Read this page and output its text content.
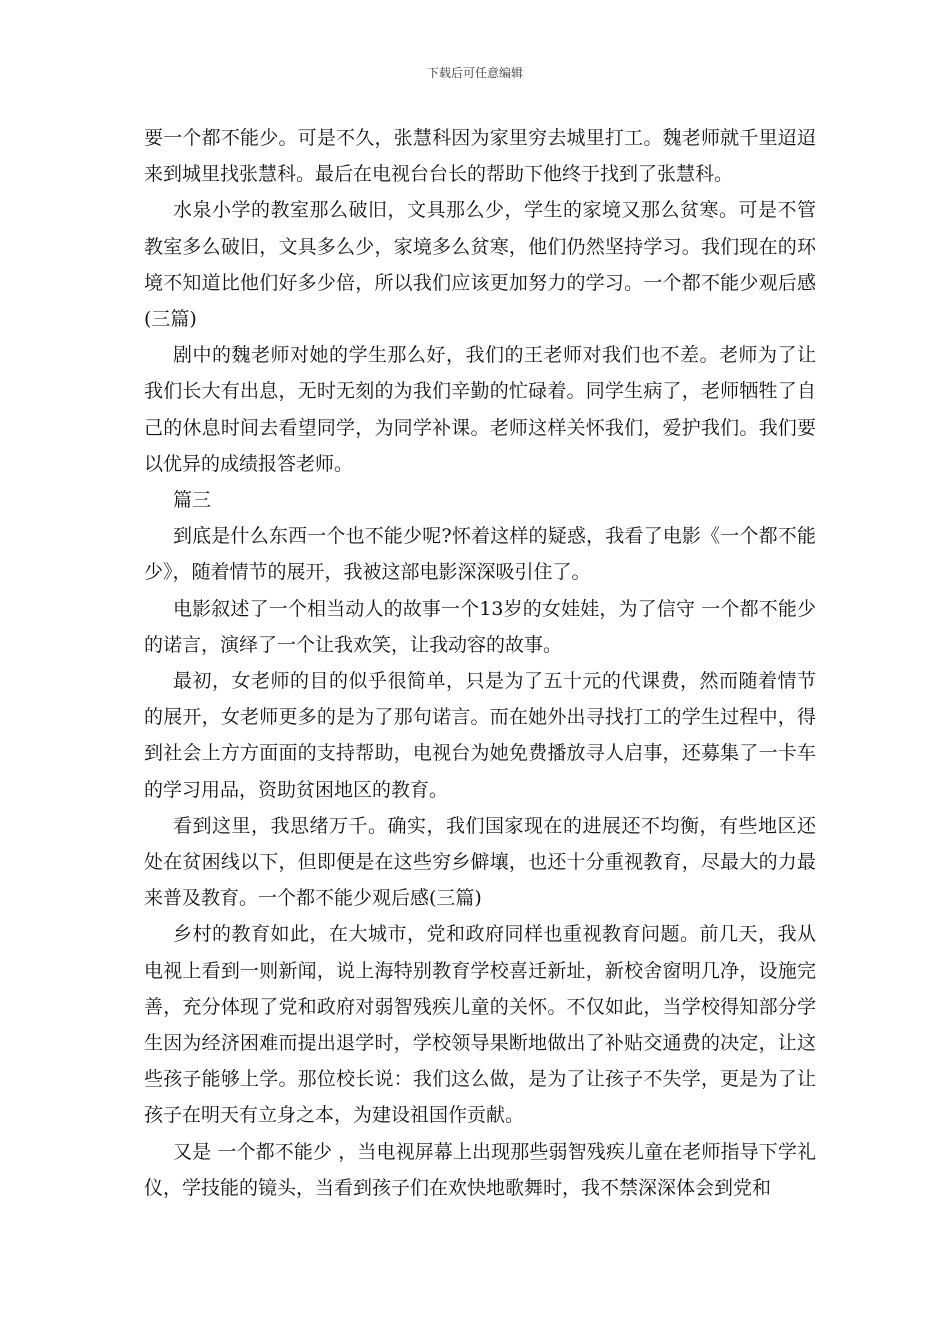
下载后可任意编辑

要一个都不能少。可是不久，张慧科因为家里穷去城里打工。魏老师就千里迢迢来到城里找张慧科。最后在电视台台长的帮助下他终于找到了张慧科。

水泉小学的教室那么破旧，文具那么少，学生的家境又那么贫寒。可是不管教室多么破旧，文具多么少，家境多么贫寒，他们仍然坚持学习。我们现在的环境不知道比他们好多少倍，所以我们应该更加努力的学习。一个都不能少观后感(三篇)

剧中的魏老师对她的学生那么好，我们的王老师对我们也不差。老师为了让我们长大有出息，无时无刻的为我们辛勤的忙碌着。同学生病了，老师牺牲了自己的休息时间去看望同学，为同学补课。老师这样关怀我们，爱护我们。我们要以优异的成绩报答老师。

篇三

到底是什么东西一个也不能少呢?怀着这样的疑惑，我看了电影《一个都不能少》，随着情节的展开，我被这部电影深深吸引住了。

电影叙述了一个相当动人的故事一个13岁的女娃娃，为了信守 一个都不能少 的诺言，演绎了一个让我欢笑，让我动容的故事。

最初，女老师的目的似乎很简单，只是为了五十元的代课费，然而随着情节的展开，女老师更多的是为了那句诺言。而在她外出寻找打工的学生过程中，得到社会上方方面面的支持帮助，电视台为她免费播放寻人启事，还募集了一卡车的学习用品，资助贫困地区的教育。

看到这里，我思绪万千。确实，我们国家现在的进展还不均衡，有些地区还处在贫困线以下，但即便是在这些穷乡僻壤，也还十分重视教育，尽最大的力最来普及教育。一个都不能少观后感(三篇)

乡村的教育如此，在大城市，党和政府同样也重视教育问题。前几天，我从电视上看到一则新闻，说上海特别教育学校喜迁新址，新校舍窗明几净，设施完善，充分体现了党和政府对弱智残疾儿童的关怀。不仅如此，当学校得知部分学生因为经济困难而提出退学时，学校领导果断地做出了补贴交通费的决定，让这些孩子能够上学。那位校长说：我们这么做，是为了让孩子不失学，更是为了让孩子在明天有立身之本，为建设祖国作贡献。

又是 一个都不能少 ，当电视屏幕上出现那些弱智残疾儿童在老师指导下学礼仪，学技能的镜头，当看到孩子们在欢快地歌舞时，我不禁深深体会到党和
